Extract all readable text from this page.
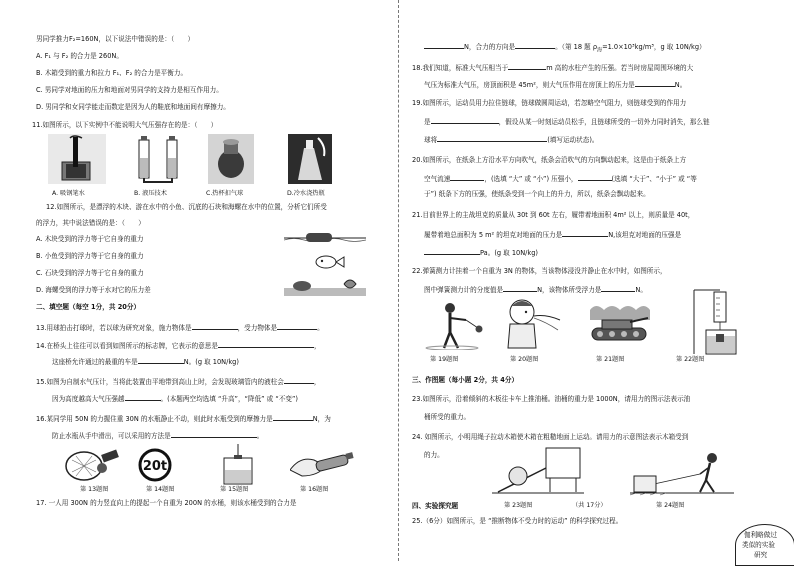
男同学推力F₂=160N，以下说法中错误的是：（　　）
A. F₁ 与 F₂ 的合力是 260N。
B. 木箱受到的重力和拉力 F₁、F₂ 的合力是平衡力。
C. 男同学对地面的压力和地面对男同学的支持力是相互作用力。
D. 男同学和女同学能走而数定是因为人的鞋底和地面间有摩擦力。
11.如图所示，以下实例中不能说明大气压强存在的是：（　　）
A. 吸钢笔水	B. 液压技术	C.热杯扣气球	D.冷水浇热瓶
12.如图所示，是漂浮的木块、游在水中的小鱼、沉底的石块和海螺在水中的位置，分析它们所受
的浮力，其中说法错误的是：（　　）
A. 木块受到的浮力等于它自身的重力
B. 小鱼受到的浮力等于它自身的重力
C. 石块受到的浮力等于它自身的重力
D. 海螺受到的浮力等于水对它的压力差
二、填空题（每空 1分，共 20分）
13.用球拍击打球时，若以球为研究对象，施力物体是	，受力物体是	。
14.在桥头上往往可以看到如图所示的标志牌，它表示的意思是	，
这座桥允许通过的最重的车是	N。(g 取 10N/kg)
15.如图为自制水气压计，当将此装置由平地带到高山上时，会发现玻璃管内的液柱会	，
因为高度越高大气压强越	。(本题两空均选填 “升高”，“降低” 或 “不变”)
16.某同学用 50N 的力握住重 30N 的水瓶静止不动，则此时水瓶受到的摩擦力是	N，为
防止水瓶从手中滑出，可以采用的方法是	。
20t
第 13题图	第 14题图	第 15题图	第 16题图
17. 一人用 300N 的力竖直向上的提起一个自重为 200N 的水桶，则该水桶受到的合力是
N，合力的方向是	。（第 18 题 $\rho_海=1.0\times 10^3kg/m^3$，g 取 10N/kg）
18.我们知道，标准大气压相当于	m 高的水柱产生的压强。若当时房屋周围环境的大
气压为标准大气压，房顶面积是 45m²，则大气压作用在房顶上的压力是	N。
19.如图所示，运动员用力拉住链球，链球做圆周运动，若忽略空气阻力，则链球受到的作用力
是	，假设从某一时刻运动员松手，且链球所受的一切外力同时消失，那么链
球将	(填写运动状态)。
20.如图所示，在纸条上方沿水平方向吹气，纸条会沿吹气的方向飘动起来，这是由于纸条上方
空气流速	，(选填 “大” 或 “小”) 压强小，	(选填 “大于”、“小于” 或 “等
于”) 纸条下方的压强，使纸条受到一个向上的升力，所以，纸条会飘动起来。
21.目前世界上的主战坦克的质量从 30t 到 60t 左右，履带着地面积 4m² 以上，则质量是 40t，
履带着地总面积为 5 m² 的坦克对地面的压力是	N,该坦克对地面的压强是
Pa。(g 取 10N/kg)
22.弹簧测力计挂着一个自重为 3N 的物体，当该物体浸没并静止在水中时，如图所示，
图中弹簧测力计的分度值是	N，该物体所受浮力是	N。
第 19题图	第 20题图	第 21题图	第 22题图
三、作图题（每小题 2分，共 4分）
23.如图所示，沿着倾斜的木板往卡车上推油桶。油桶的重力是 1000N，请用力的图示法表示油
桶所受的重力。
24. 如图所示，小明用绳子拉动木箱使木箱在粗糙地面上运动。请用力的示意图法表示木箱受到
的力。
第 23题图	（共 17分）	第 24题图
四、实验探究题
25.（6分）如图所示，是 “推断物体不受力时的运动” 的科学探究过程。
伽利略做过
类似的实验
研究
